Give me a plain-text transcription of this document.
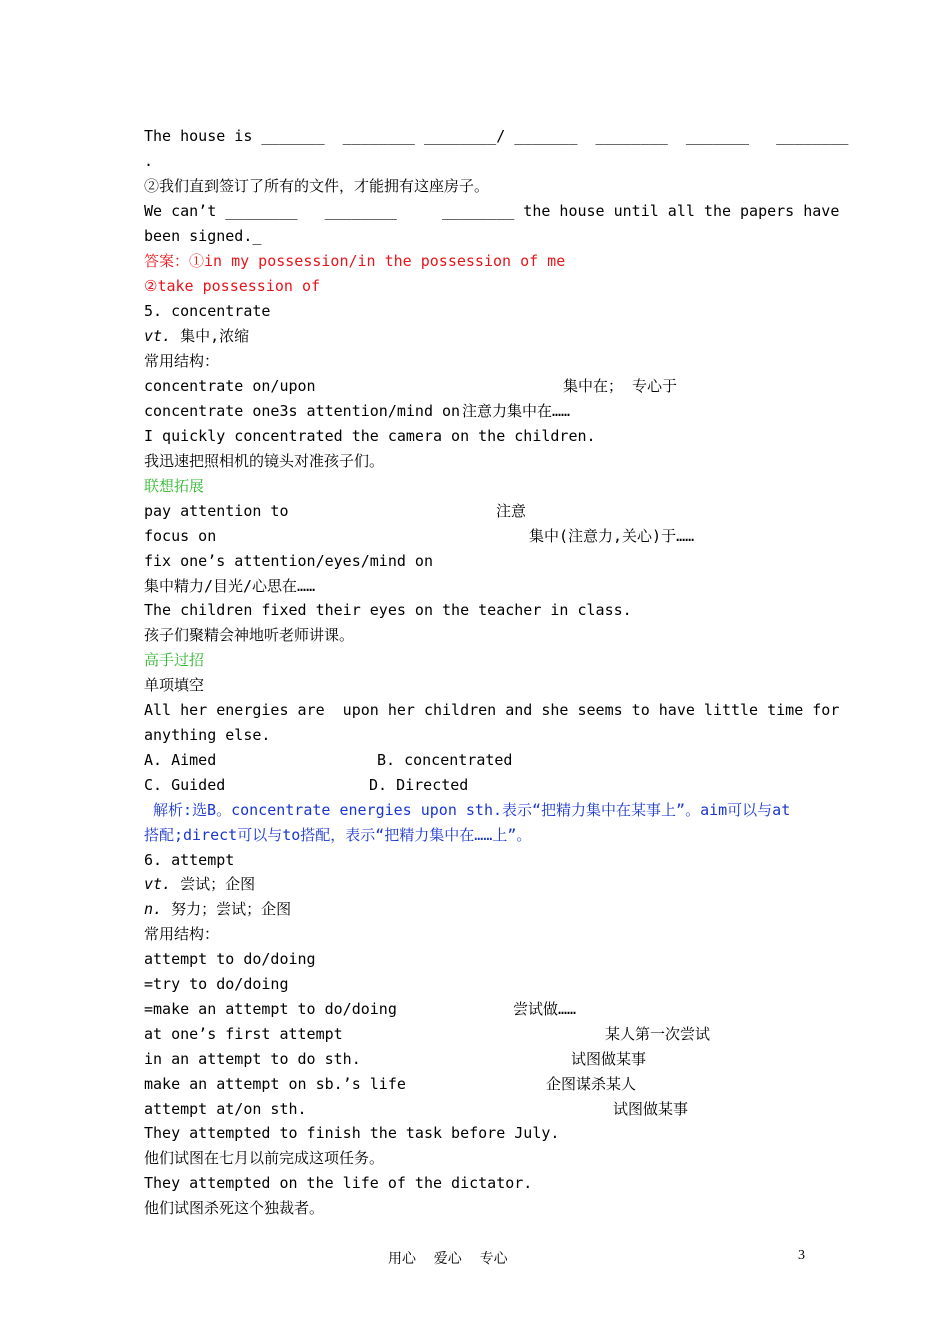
The house is _______  ________ ________/ _______  ________  _______   ________
.
②我们直到签订了所有的文件，才能拥有这座房子。
We can’t ________   ________     ________ the house until all the papers have
been signed._
答案：①in my possession/in the possession of me
②take possession of
5. concentrate
vt. 集中,浓缩
常用结构：
concentrate on/upon	集中在； 专心于
concentrate one3s attention/mind on 注意力集中在……
I quickly concentrated the camera on the children.
我迅速把照相机的镜头对准孩子们。
联想拓展
pay attention to	注意
focus on	集中(注意力,关心)于……
fix one’s attention/eyes/mind on
集中精力/目光/心思在……
The children fixed their eyes on the teacher in class.
孩子们聚精会神地听老师讲课。
高手过招
单项填空
All her energies are  upon her children and she seems to have little time for
anything else.
A. Aimed	B. concentrated
C. Guided	D. Directed
解析:选B。concentrate energies upon sth.表示“把精力集中在某事上”。aim可以与at
搭配;direct可以与to搭配，表示“把精力集中在……上”。
6. attempt
vt. 尝试；企图
n. 努力；尝试；企图
常用结构：
attempt to do/doing
=try to do/doing
=make an attempt to do/doing	尝试做……
at one’s first attempt	某人第一次尝试
in an attempt to do sth.	试图做某事
make an attempt on sb.’s life	企图谋杀某人
attempt at/on sth.	试图做某事
They attempted to finish the task before July.
他们试图在七月以前完成这项任务。
They attempted on the life of the dictator.
他们试图杀死这个独裁者。
用心    爱心    专心	3
